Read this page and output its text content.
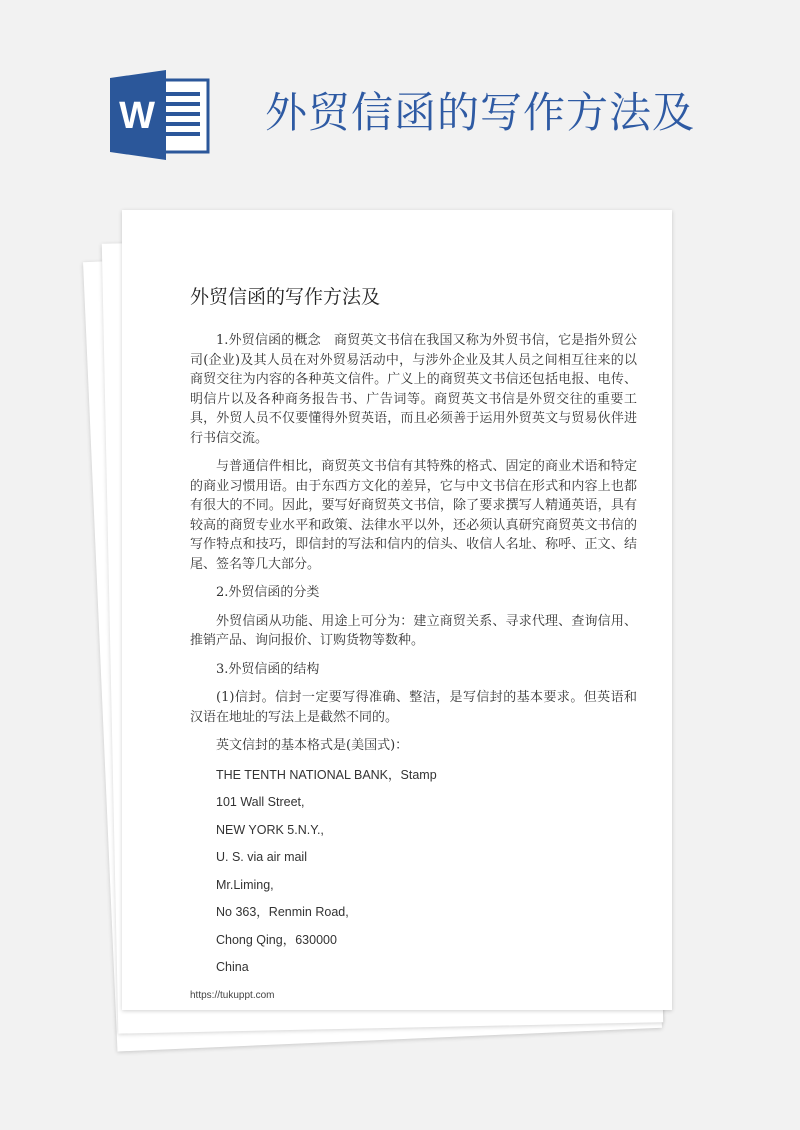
W	外贸信函的写作方法及
外贸信函的写作方法及

1.外贸信函的概念　商贸英文书信在我国又称为外贸书信，它是指外贸公司(企业)及其人员在对外贸易活动中，与涉外企业及其人员之间相互往来的以商贸交往为内容的各种英文信件。广义上的商贸英文书信还包括电报、电传、明信片以及各种商务报告书、广告词等。商贸英文书信是外贸交往的重要工具，外贸人员不仅要懂得外贸英语，而且必须善于运用外贸英文与贸易伙伴进行书信交流。

与普通信件相比，商贸英文书信有其特殊的格式、固定的商业术语和特定的商业习惯用语。由于东西方文化的差异，它与中文书信在形式和内容上也都有很大的不同。因此，要写好商贸英文书信，除了要求撰写人精通英语，具有较高的商贸专业水平和政策、法律水平以外，还必须认真研究商贸英文书信的写作特点和技巧，即信封的写法和信内的信头、收信人名址、称呼、正文、结尾、签名等几大部分。

2.外贸信函的分类

外贸信函从功能、用途上可分为：建立商贸关系、寻求代理、查询信用、推销产品、询问报价、订购货物等数种。

3.外贸信函的结构

(1)信封。信封一定要写得准确、整洁，是写信封的基本要求。但英语和汉语在地址的写法上是截然不同的。

英文信封的基本格式是(美国式)：

THE TENTH NATIONAL BANK，Stamp
101 Wall Street,
NEW YORK 5.N.Y.,
U. S. via air mail
Mr.Liming,
No 363，Renmin Road,
Chong Qing，630000
China
https://tukuppt.com
